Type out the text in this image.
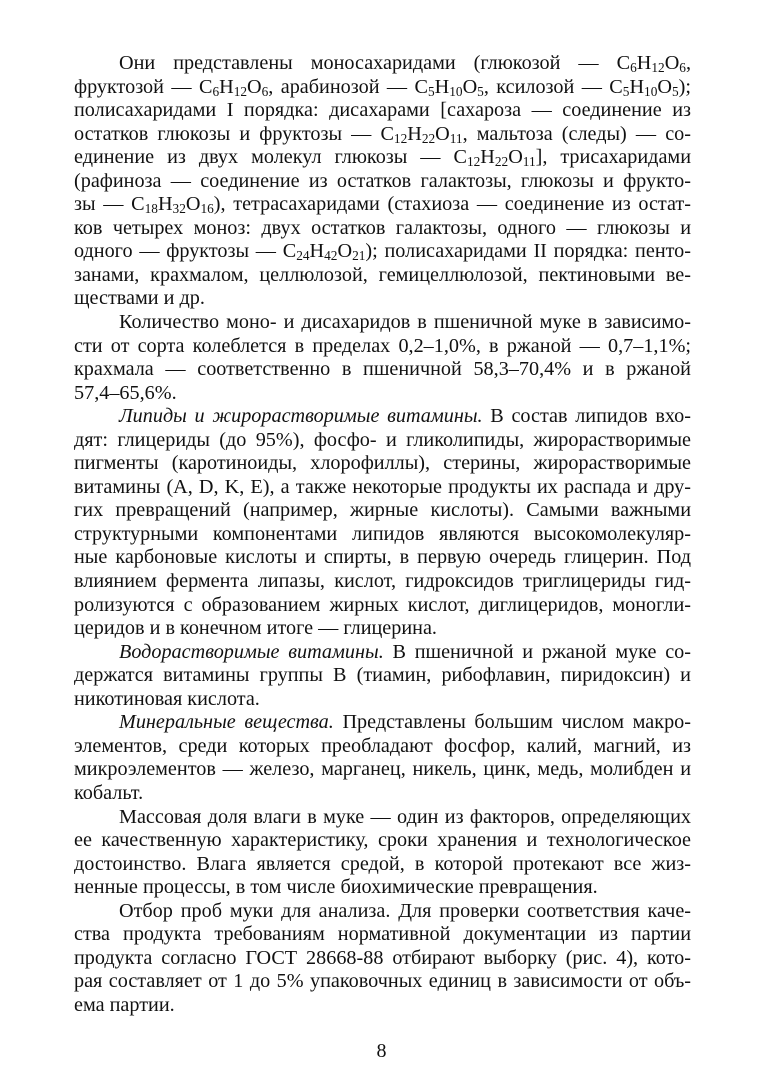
Они представлены моносахаридами (глюкозой — $C_6H_{12}O_6$,
фруктозой — $C_6H_{12}O_6$, арабинозой — $C_5H_{10}O_5$, ксилозой — $C_5H_{10}O_5$);
полисахаридами I порядка: дисахарами [сахароза — соединение из
остатков глюкозы и фруктозы — $C_{12}H_{22}O_{11}$, мальтоза (следы) — со-
единение из двух молекул глюкозы — $C_{12}H_{22}O_{11}$], трисахаридами
(рафиноза — соединение из остатков галактозы, глюкозы и фрукто-
зы — $C_{18}H_{32}O_{16}$), тетрасахаридами (стахиоза — соединение из остат-
ков четырех моноз: двух остатков галактозы, одного — глюкозы и
одного — фруктозы — $C_{24}H_{42}O_{21}$); полисахаридами II порядка: пенто-
занами, крахмалом, целлюлозой, гемицеллюлозой, пектиновыми ве-
ществами и др.
Количество моно- и дисахаридов в пшеничной муке в зависимо-
сти от сорта колеблется в пределах 0,2–1,0%, в ржаной — 0,7–1,1%;
крахмала — соответственно в пшеничной 58,3–70,4% и в ржаной
57,4–65,6%.
Липиды и жирорастворимые витамины. В состав липидов вхо-
дят: глицериды (до 95%), фосфо- и гликолипиды, жирорастворимые
пигменты (каротиноиды, хлорофиллы), стерины, жирорастворимые
витамины (A, D, K, E), а также некоторые продукты их распада и дру-
гих превращений (например, жирные кислоты). Самыми важными
структурными компонентами липидов являются высокомолекуляр-
ные карбоновые кислоты и спирты, в первую очередь глицерин. Под
влиянием фермента липазы, кислот, гидроксидов триглицериды гид-
ролизуются с образованием жирных кислот, диглицеридов, моногли-
церидов и в конечном итоге — глицерина.
Водорастворимые витамины. В пшеничной и ржаной муке со-
держатся витамины группы B (тиамин, рибофлавин, пиридоксин) и
никотиновая кислота.
Минеральные вещества. Представлены большим числом макро-
элементов, среди которых преобладают фосфор, калий, магний, из
микроэлементов — железо, марганец, никель, цинк, медь, молибден и
кобальт.
Массовая доля влаги в муке — один из факторов, определяющих
ее качественную характеристику, сроки хранения и технологическое
достоинство. Влага является средой, в которой протекают все жиз-
ненные процессы, в том числе биохимические превращения.
Отбор проб муки для анализа. Для проверки соответствия каче-
ства продукта требованиям нормативной документации из партии
продукта согласно ГОСТ 28668-88 отбирают выборку (рис. 4), кото-
рая составляет от 1 до 5% упаковочных единиц в зависимости от объ-
ема партии.
8
